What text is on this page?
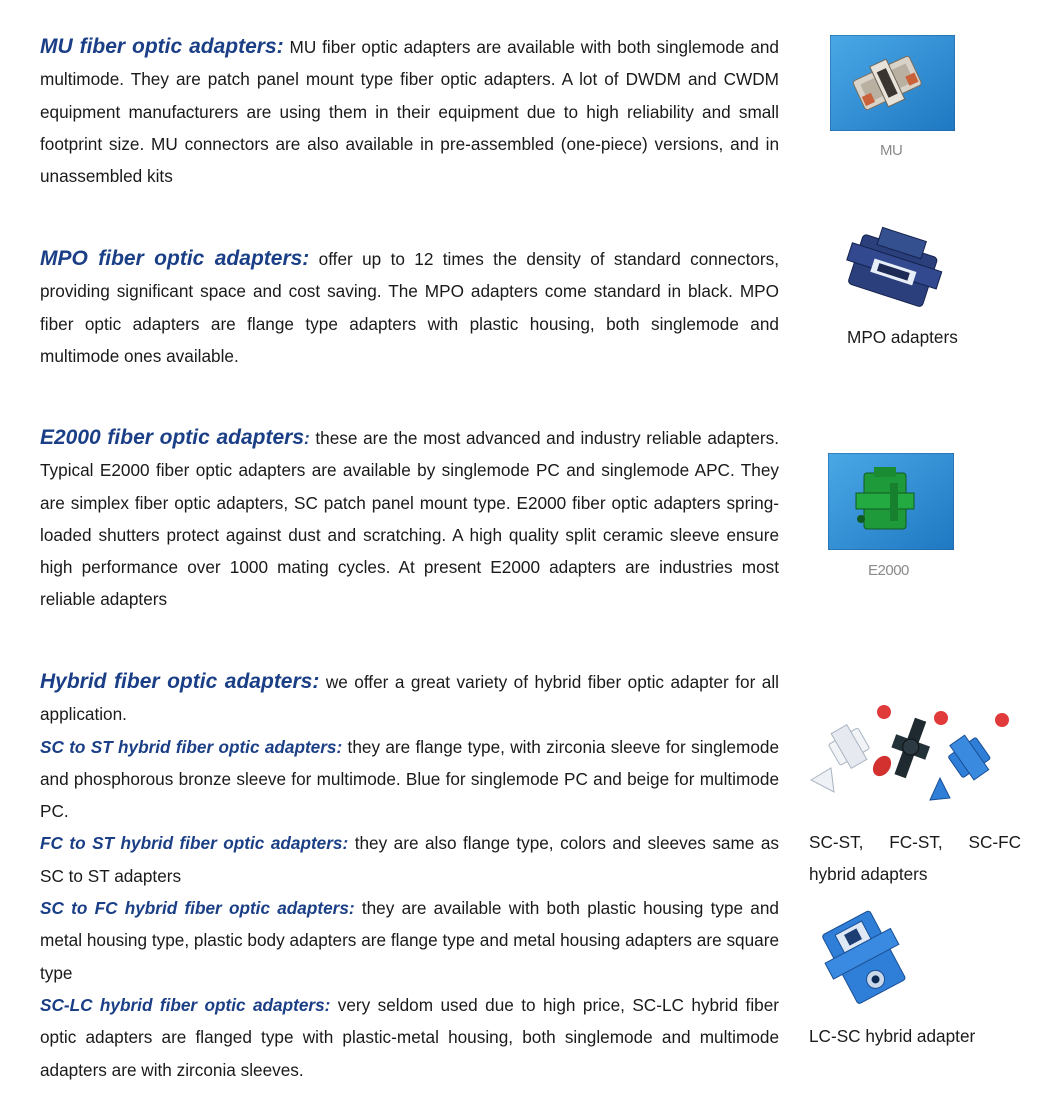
MU fiber optic adapters: MU fiber optic adapters are available with both singlemode and multimode. They are patch panel mount type fiber optic adapters. A lot of DWDM and CWDM equipment manufacturers are using them in their equipment due to high reliability and small footprint size. MU connectors are also available in pre-assembled (one-piece) versions, and in unassembled kits

MU

MPO fiber optic adapters: offer up to 12 times the density of standard connectors, providing significant space and cost saving. The MPO adapters come standard in black. MPO fiber optic adapters are flange type adapters with plastic housing, both singlemode and multimode ones available.

MPO adapters

E2000 fiber optic adapters: these are the most advanced and industry reliable adapters. Typical E2000 fiber optic adapters are available by singlemode PC and singlemode APC. They are simplex fiber optic adapters, SC patch panel mount type. E2000 fiber optic adapters spring-loaded shutters protect against dust and scratching. A high quality split ceramic sleeve ensure high performance over 1000 mating cycles. At present E2000 adapters are industries most reliable adapters

E2000

Hybrid fiber optic adapters: we offer a great variety of hybrid fiber optic adapter for all application.

SC to ST hybrid fiber optic adapters: they are flange type, with zirconia sleeve for singlemode and phosphorous bronze sleeve for multimode. Blue for singlemode PC and beige for multimode PC.

FC to ST hybrid fiber optic adapters: they are also flange type, colors and sleeves same as SC to ST adapters

SC to FC hybrid fiber optic adapters: they are available with both plastic housing type and metal housing type, plastic body adapters are flange type and metal housing adapters are square type

SC-LC hybrid fiber optic adapters: very seldom used due to high price, SC-LC hybrid fiber optic adapters are flanged type with plastic-metal housing, both singlemode and multimode adapters are with zirconia sleeves.

SC-ST, FC-ST, SC-FC
hybrid adapters
LC-SC hybrid adapter
